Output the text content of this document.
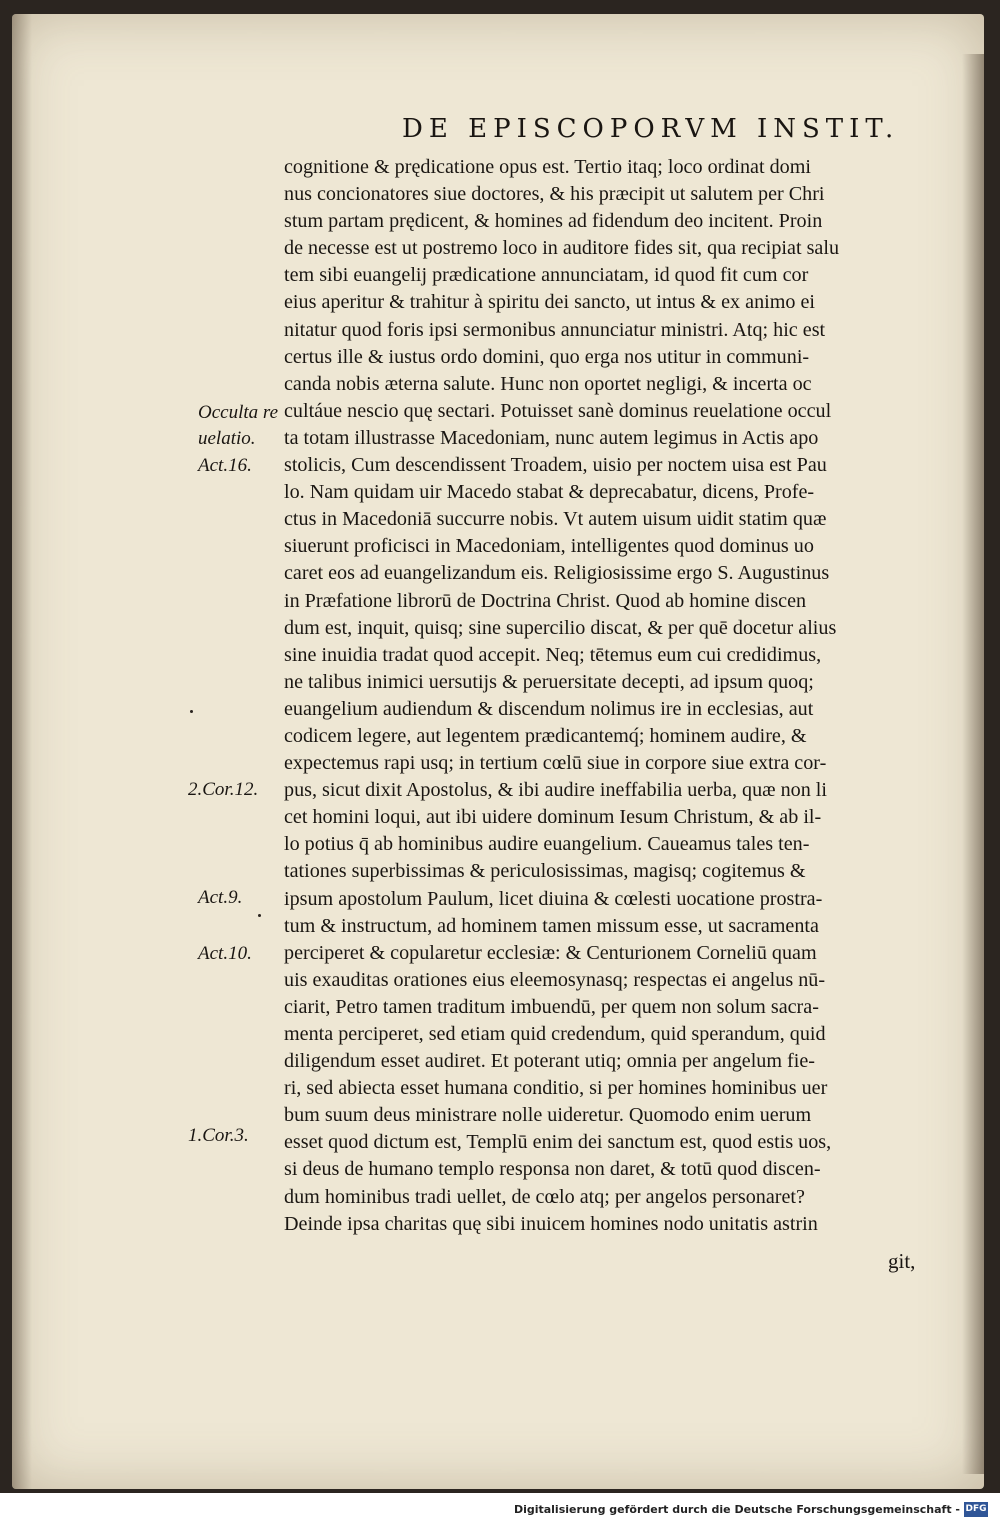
DE EPISCOPORVM INSTIT.
cognitione & prędicatione opus est. Tertio itaq; loco ordinat domi
nus concionatores siue doctores, & his præcipit ut salutem per Chri
stum partam prędicent, & homines ad fidendum deo incitent. Proin
de necesse est ut postremo loco in auditore fides sit, qua recipiat salu
tem sibi euangelij prædicatione annunciatam, id quod fit cum cor
eius aperitur & trahitur à spiritu dei sancto, ut intus & ex animo ei
nitatur quod foris ipsi sermonibus annunciatur ministri. Atq; hic est
certus ille & iustus ordo domini, quo erga nos utitur in communi-
canda nobis æterna salute. Hunc non oportet negligi, & incerta oc
cultáue nescio quę sectari. Potuisset sanè dominus reuelatione occul
ta totam illustrasse Macedoniam, nunc autem legimus in Actis apo
stolicis, Cum descendissent Troadem, uisio per noctem uisa est Pau
lo. Nam quidam uir Macedo stabat & deprecabatur, dicens, Profe-
ctus in Macedoniā succurre nobis. Vt autem uisum uidit statim quæ
siuerunt proficisci in Macedoniam, intelligentes quod dominus uo
caret eos ad euangelizandum eis. Religiosissime ergo S. Augustinus
in Præfatione librorū de Doctrina Christ. Quod ab homine discen
dum est, inquit, quisq; sine supercilio discat, & per quē docetur alius
sine inuidia tradat quod accepit. Neq; tētemus eum cui credidimus,
ne talibus inimici uersutijs & peruersitate decepti, ad ipsum quoq;
euangelium audiendum & discendum nolimus ire in ecclesias, aut
codicem legere, aut legentem prædicantemq́; hominem audire, &
expectemus rapi usq; in tertium cœlū siue in corpore siue extra cor-
pus, sicut dixit Apostolus, & ibi audire ineffabilia uerba, quæ non li
cet homini loqui, aut ibi uidere dominum Iesum Christum, & ab il-
lo potius q̄ ab hominibus audire euangelium. Caueamus tales ten-
tationes superbissimas & periculosissimas, magisq; cogitemus &
ipsum apostolum Paulum, licet diuina & cœlesti uocatione prostra-
tum & instructum, ad hominem tamen missum esse, ut sacramenta
perciperet & copularetur ecclesiæ: & Centurionem Corneliū quam
uis exauditas orationes eius eleemosynasq; respectas ei angelus nū-
ciarit, Petro tamen traditum imbuendū, per quem non solum sacra-
menta perciperet, sed etiam quid credendum, quid sperandum, quid
diligendum esset audiret. Et poterant utiq; omnia per angelum fie-
ri, sed abiecta esset humana conditio, si per homines hominibus uer
bum suum deus ministrare nolle uideretur. Quomodo enim uerum
esset quod dictum est, Templū enim dei sanctum est, quod estis uos,
si deus de humano templo responsa non daret, & totū quod discen-
dum hominibus tradi uellet, de cœlo atq; per angelos personaret?
Deinde ipsa charitas quę sibi inuicem homines nodo unitatis astrin
Occulta re
uelatio.
Act.16.
2.Cor.12.
Act.9.
Act.10.
1.Cor.3.
git,
Digitalisierung gefördert durch die Deutsche Forschungsgemeinschaft - DFG
